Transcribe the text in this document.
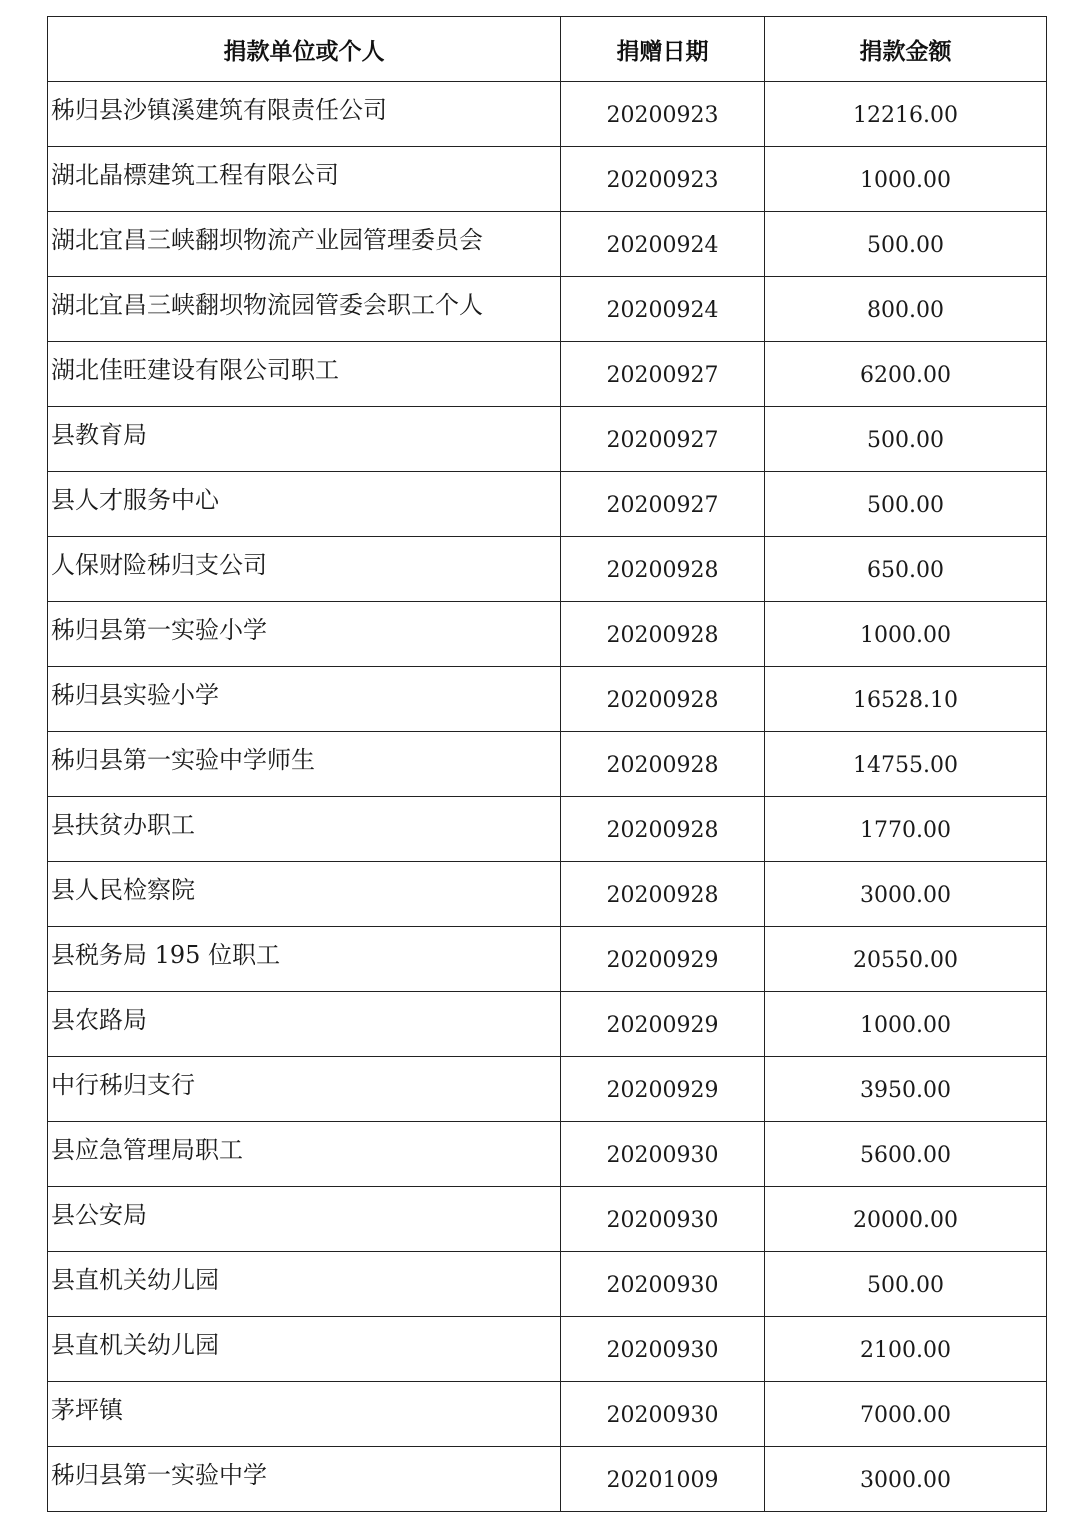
捐款单位或个人	捐赠日期	捐款金额
秭归县沙镇溪建筑有限责任公司	20200923	12216.00
湖北晶標建筑工程有限公司	20200923	1000.00
湖北宜昌三峡翻坝物流产业园管理委员会	20200924	500.00
湖北宜昌三峡翻坝物流园管委会职工个人	20200924	800.00
湖北佳旺建设有限公司职工	20200927	6200.00
县教育局	20200927	500.00
县人才服务中心	20200927	500.00
人保财险秭归支公司	20200928	650.00
秭归县第一实验小学	20200928	1000.00
秭归县实验小学	20200928	16528.10
秭归县第一实验中学师生	20200928	14755.00
县扶贫办职工	20200928	1770.00
县人民检察院	20200928	3000.00
县税务局 195 位职工	20200929	20550.00
县农路局	20200929	1000.00
中行秭归支行	20200929	3950.00
县应急管理局职工	20200930	5600.00
县公安局	20200930	20000.00
县直机关幼儿园	20200930	500.00
县直机关幼儿园	20200930	2100.00
茅坪镇	20200930	7000.00
秭归县第一实验中学	20201009	3000.00
